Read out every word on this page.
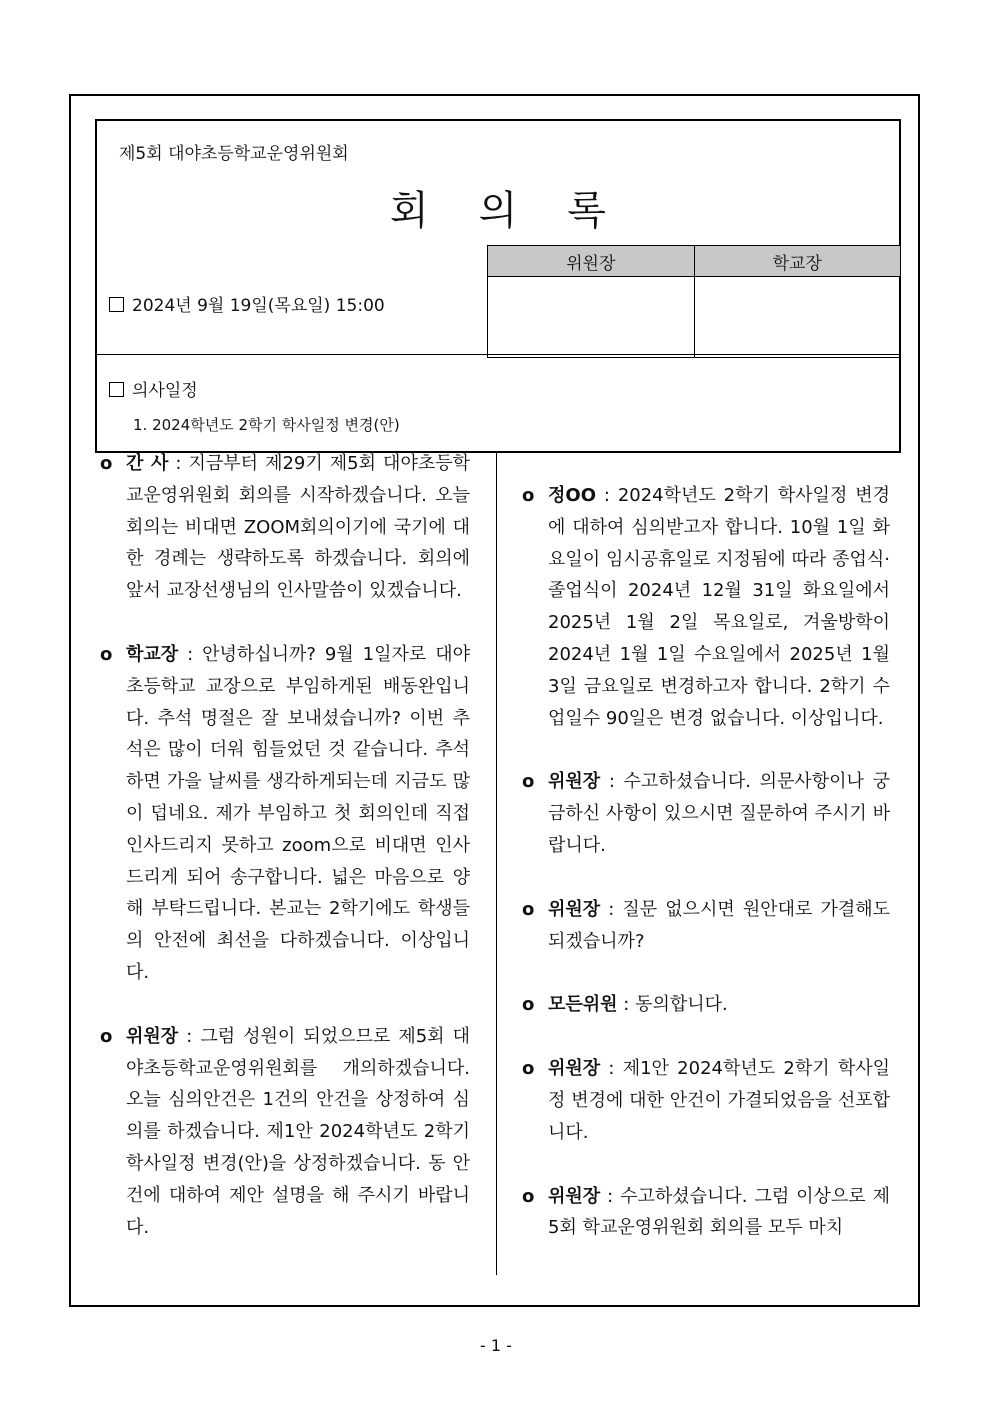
제5회 대야초등학교운영위원회
회의록
위원장	학교장

2024년 9월 19일(목요일) 15:00
의사일정
1. 2024학년도 2학기 학사일정 변경(안)
o 간 사 : 지금부터 제29기 제5회 대야초등학교운영위원회 회의를 시작하겠습니다. 오늘 회의는 비대면 ZOOM회의이기에 국기에 대한 경례는 생략하도록 하겠습니다. 회의에 앞서 교장선생님의 인사말씀이 있겠습니다.
o 학교장 : 안녕하십니까? 9월 1일자로 대야초등학교 교장으로 부임하게된 배동완입니다. 추석 명절은 잘 보내셨습니까? 이번 추석은 많이 더워 힘들었던 것 같습니다. 추석하면 가을 날씨를 생각하게되는데 지금도 많이 덥네요. 제가 부임하고 첫 회의인데 직접 인사드리지 못하고 zoom으로 비대면 인사드리게 되어 송구합니다. 넓은 마음으로 양해 부탁드립니다. 본교는 2학기에도 학생들의 안전에 최선을 다하겠습니다. 이상입니다.
o 위원장 : 그럼 성원이 되었으므로 제5회 대야초등학교운영위원회를 개의하겠습니다. 오늘 심의안건은 1건의 안건을 상정하여 심의를 하겠습니다. 제1안 2024학년도 2학기 학사일정 변경(안)을 상정하겠습니다. 동 안건에 대하여 제안 설명을 해 주시기 바랍니다.
o 정OO : 2024학년도 2학기 학사일정 변경에 대하여 심의받고자 합니다. 10월 1일 화요일이 임시공휴일로 지정됨에 따라 종업식·졸업식이 2024년 12월 31일 화요일에서 2025년 1월 2일 목요일로, 겨울방학이 2024년 1월 1일 수요일에서 2025년 1월 3일 금요일로 변경하고자 합니다. 2학기 수업일수 90일은 변경 없습니다. 이상입니다.
o 위원장 : 수고하셨습니다. 의문사항이나 궁금하신 사항이 있으시면 질문하여 주시기 바랍니다.
o 위원장 : 질문 없으시면 원안대로 가결해도 되겠습니까?
o 모든위원 : 동의합니다.
o 위원장 : 제1안 2024학년도 2학기 학사일정 변경에 대한 안건이 가결되었음을 선포합니다.
o 위원장 : 수고하셨습니다. 그럼 이상으로 제5회 학교운영위원회 회의를 모두 마치
- 1 -
